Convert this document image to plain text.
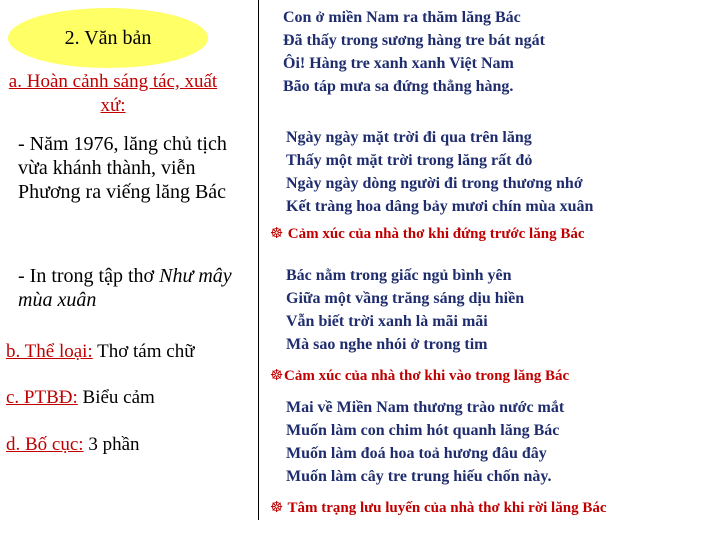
2. Văn bản
a. Hoàn cảnh sáng tác, xuất xứ:
- Năm 1976, lăng chủ tịch vừa khánh thành, viễn Phương ra viếng lăng Bác
- In trong tập thơ Như mây mùa xuân
b. Thể loại: Thơ tám chữ
c. PTBĐ: Biểu cảm
d. Bố cục: 3 phần
Con ở miền Nam ra thăm lăng Bác
Đã thấy trong sương hàng tre bát ngát
Ôi! Hàng tre xanh xanh Việt Nam
Bão táp mưa sa đứng thẳng hàng.
Ngày ngày mặt trời đi qua trên lăng
Thấy một mặt trời trong lăng rất đỏ
Ngày ngày dòng người đi trong thương nhớ
Kết tràng hoa dâng bảy mươi chín mùa xuân
☸ Cảm xúc của nhà thơ khi đứng trước lăng Bác
Bác nằm trong giấc ngủ bình yên
Giữa một vầng trăng sáng dịu hiền
Vẫn biết trời xanh là mãi mãi
Mà sao nghe nhói ở trong tim
☸Cảm xúc của nhà thơ khi vào trong lăng Bác
Mai về Miền Nam thương trào nước mắt
Muốn làm con chim hót quanh lăng Bác
Muốn làm đoá hoa toả hương đâu đây
Muốn làm cây tre trung hiếu chốn này.
☸ Tâm trạng lưu luyến của nhà thơ khi rời lăng Bác
